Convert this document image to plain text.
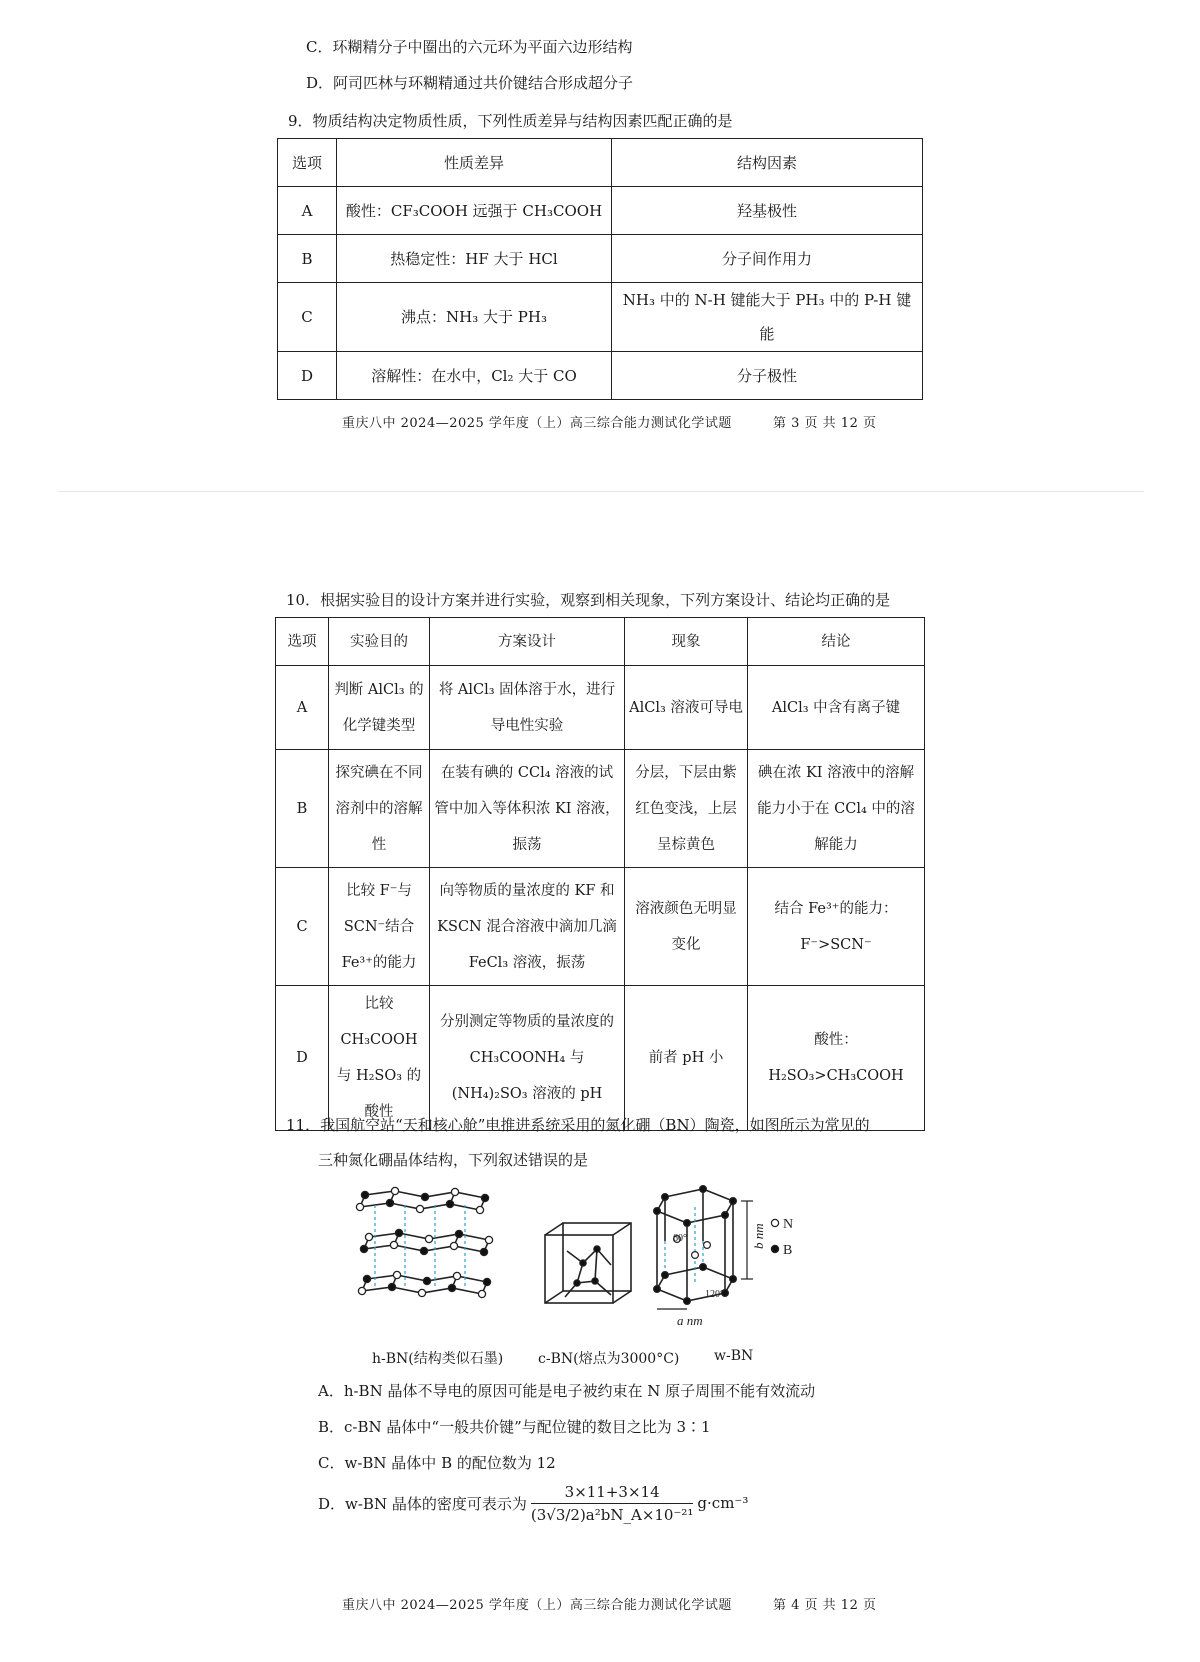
C．环糊精分子中圈出的六元环为平面六边形结构
D．阿司匹林与环糊精通过共价键结合形成超分子
9．物质结构决定物质性质，下列性质差异与结构因素匹配正确的是
选项	性质差异	结构因素
A	酸性：CF₃COOH 远强于 CH₃COOH	羟基极性
B	热稳定性：HF 大于 HCl	分子间作用力
C	沸点：NH₃ 大于 PH₃	NH₃ 中的 N-H 键能大于 PH₃ 中的 P-H 键能
D	溶解性：在水中，Cl₂ 大于 CO	分子极性
重庆八中 2024—2025 学年度（上）高三综合能力测试化学试题	第 3 页 共 12 页
10．根据实验目的设计方案并进行实验，观察到相关现象，下列方案设计、结论均正确的是
选项	实验目的	方案设计	现象	结论
A	判断 AlCl₃ 的化学键类型	将 AlCl₃ 固体溶于水，进行导电性实验	AlCl₃ 溶液可导电	AlCl₃ 中含有离子键
B	探究碘在不同溶剂中的溶解性	在装有碘的 CCl₄ 溶液的试管中加入等体积浓 KI 溶液，振荡	分层，下层由紫红色变浅，上层呈棕黄色	碘在浓 KI 溶液中的溶解能力小于在 CCl₄ 中的溶解能力
C	比较 F⁻与 SCN⁻结合 Fe³⁺的能力	向等物质的量浓度的 KF 和 KSCN 混合溶液中滴加几滴 FeCl₃ 溶液，振荡	溶液颜色无明显变化	结合 Fe³⁺的能力：F⁻>SCN⁻
D	比较 CH₃COOH 与 H₂SO₃ 的酸性	分别测定等物质的量浓度的 CH₃COONH₄ 与 (NH₄)₂SO₃ 溶液的 pH	前者 pH 小	酸性：H₂SO₃>CH₃COOH
11．我国航空站“天和核心舱”电推进系统采用的氮化硼（BN）陶瓷，如图所示为常见的
三种氮化硼晶体结构，下列叙述错误的是
b nm
60°
120°
a nm
N
B
h-BN(结构类似石墨) c-BN(熔点为3000°C) w-BN
A．h-BN 晶体不导电的原因可能是电子被约束在 N 原子周围不能有效流动
B．c-BN 晶体中“一般共价键”与配位键的数目之比为 3∶1
C．w-BN 晶体中 B 的配位数为 12
D．w-BN 晶体的密度可表示为 $\frac{3\times 11+3\times 14}{\text{(3√3/2)a²bN\_A×10⁻²¹}} g\cdot cm^{-3}$
重庆八中 2024—2025 学年度（上）高三综合能力测试化学试题	第 4 页 共 12 页
